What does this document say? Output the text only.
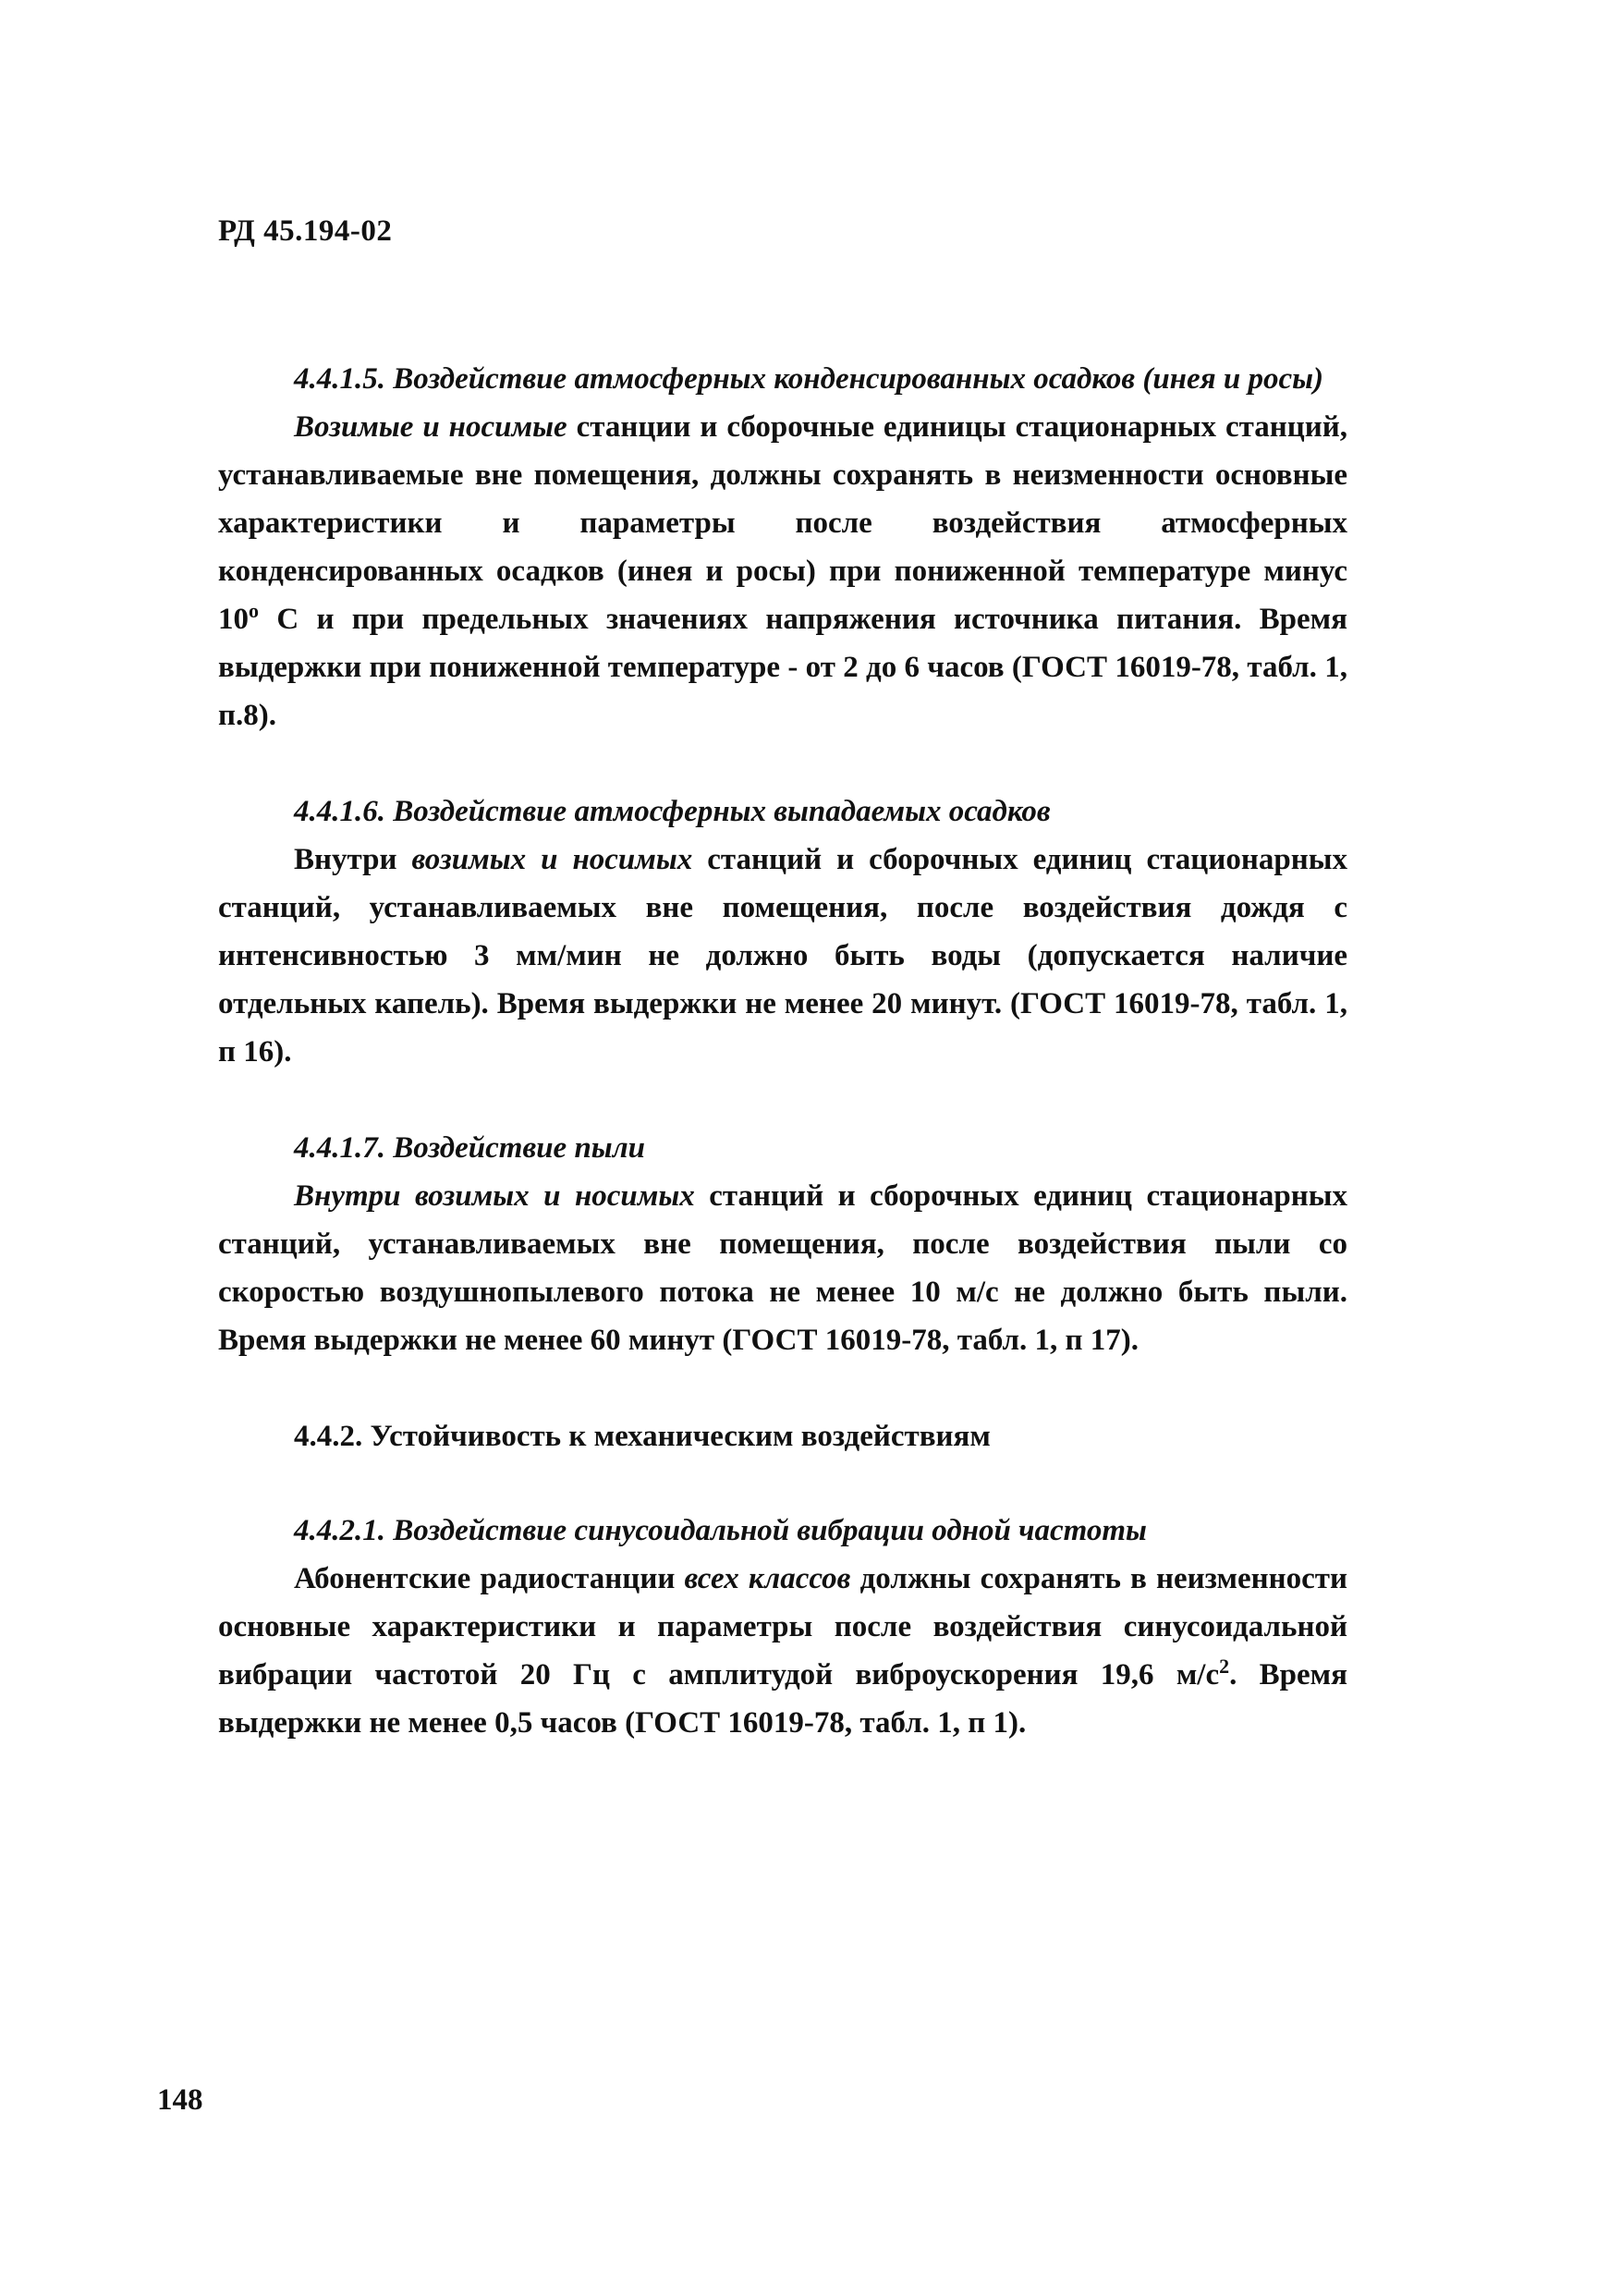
РД 45.194-02

4.4.1.5. Воздействие атмосферных конденсированных осадков (инея и росы)

Возимые и носимые станции и сборочные единицы стационарных станций, устанавливаемые вне помещения, должны сохранять в неизменности основные характеристики и параметры после воздействия атмосферных конденсированных осадков (инея и росы) при пониженной температуре минус 10$^o$ С и при предельных значениях напряжения источника питания. Время выдержки при пониженной температуре - от 2 до 6 часов (ГОСТ 16019-78, табл. 1, п.8).

4.4.1.6. Воздействие атмосферных выпадаемых осадков

Внутри возимых и носимых станций и сборочных единиц стационарных станций, устанавливаемых вне помещения, после воздействия дождя с интенсивностью 3 мм/мин не должно быть воды (допускается наличие отдельных капель). Время выдержки не менее 20 минут. (ГОСТ 16019-78, табл. 1, п 16).

4.4.1.7. Воздействие пыли

Внутри возимых и носимых станций и сборочных единиц стационарных станций, устанавливаемых вне помещения, после воздействия пыли со скоростью воздушнопылевого потока не менее 10 м/с не должно быть пыли. Время выдержки не менее 60 минут (ГОСТ 16019-78, табл. 1, п 17).

4.4.2. Устойчивость к механическим воздействиям

4.4.2.1. Воздействие синусоидальной вибрации одной частоты

Абонентские радиостанции всех классов должны сохранять в неизменности основные характеристики и параметры после воздействия синусоидальной вибрации частотой 20 Гц с амплитудой виброускорения 19,6 $м/с^2$. Время выдержки не менее 0,5 часов (ГОСТ 16019-78, табл. 1, п 1).

148
